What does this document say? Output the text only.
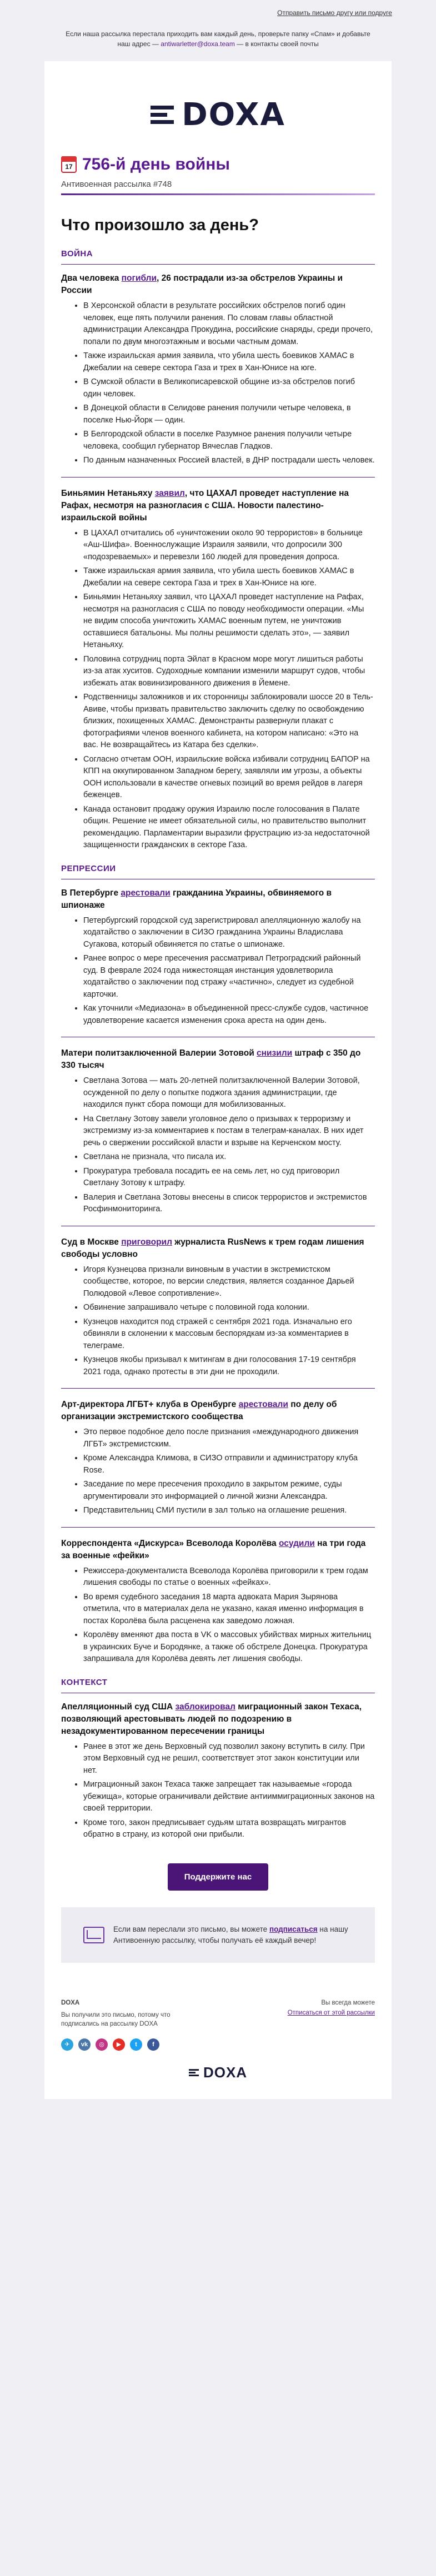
Отправить письмо другу или подруге
Если наша рассылка перестала приходить вам каждый день, проверьте папку «Спам» и добавьте наш адрес — antiwarletter@doxa.team — в контакты своей почты
DOXA
17 756-й день войны
Антивоенная рассылка #748
Что произошло за день?
ВОЙНА
Два человека погибли, 26 пострадали из-за обстрелов Украины и России
• В Херсонской области в результате российских обстрелов погиб один человек, еще пять получили ранения. По словам главы областной администрации Александра Прокудина, российские снаряды, среди прочего, попали по двум многоэтажным и восьми частным домам.
• Также израильская армия заявила, что убила шесть боевиков ХАМАС в Джебалии на севере сектора Газа и трех в Хан-Юнисе на юге.
• В Сумской области в Великописаревской общине из-за обстрелов погиб один человек.
• В Донецкой области в Селидове ранения получили четыре человека, в поселке Нью-Йорк — один.
• В Белгородской области в поселке Разумное ранения получили четыре человека, сообщил губернатор Вячеслав Гладков.
• По данным назначенных Россией властей, в ДНР пострадали шесть человек.
Биньямин Нетаньяху заявил, что ЦАХАЛ проведет наступление на Рафах, несмотря на разногласия с США. Новости палестино-израильской войны
• В ЦАХАЛ отчитались об «уничтожении около 90 террористов» в больнице «Аш-Шифа». Военнослужащие Израиля заявили, что допросили 300 «подозреваемых» и перевезли 160 людей для проведения допроса.
• Также израильская армия заявила, что убила шесть боевиков ХАМАС в Джебалии на севере сектора Газа и трех в Хан-Юнисе на юге.
• Биньямин Нетаньяху заявил, что ЦАХАЛ проведет наступление на Рафах, несмотря на разногласия с США по поводу необходимости операции. «Мы не видим способа уничтожить ХАМАС военным путем, не уничтожив оставшиеся батальоны. Мы полны решимости сделать это», — заявил Нетаньяху.
• Половина сотрудниц порта Эйлат в Красном море могут лишиться работы из-за атак хуситов. Судоходные компании изменили маршрут судов, чтобы избежать атак вовинизированного движения в Йемене.
• Родственницы заложников и их сторонницы заблокировали шоссе 20 в Тель-Авиве, чтобы призвать правительство заключить сделку по освобождению близких, похищенных ХАМАС. Демонстранты развернули плакат с фотографиями членов военного кабинета, на котором написано: «Это на вас. Не возвращайтесь из Катара без сделки».
• Согласно отчетам ООН, израильские войска избивали сотрудниц БАПОР на КПП на оккупированном Западном берегу, заявляли им угрозы, а объекты ООН использовали в качестве огневых позиций во время рейдов в лагеря беженцев.
• Канада остановит продажу оружия Израилю после голосования в Палате общин. Решение не имеет обязательной силы, но правительство выполнит рекомендацию. Парламентарии выразили фрустрацию из-за недостаточной защищенности гражданских в секторе Газа.
РЕПРЕССИИ
В Петербурге арестовали гражданина Украины, обвиняемого в шпионаже
• Петербургский городской суд зарегистрировал апелляционную жалобу на ходатайство о заключении в СИЗО гражданина Украины Владислава Сугакова, который обвиняется по статье о шпионаже.
• Ранее вопрос о мере пресечения рассматривал Петроградский районный суд. В феврале 2024 года нижестоящая инстанция удовлетворила ходатайство о заключении под стражу «частично», следует из судебной карточки.
• Как уточнили «Медиазона» в объединенной пресс-службе судов, частичное удовлетворение касается изменения срока ареста на один день.
Матери политзаключенной Валерии Зотовой снизили штраф с 350 до 330 тысяч
• Светлана Зотова — мать 20-летней политзаключенной Валерии Зотовой, осужденной по делу о попытке поджога здания администрации, где находился пункт сбора помощи для мобилизованных.
• На Светлану Зотову завели уголовное дело о призывах к терроризму и экстремизму из-за комментариев к постам в телеграм-каналах. В них идет речь о свержении российской власти и взрыве на Керченском мосту.
• Светлана не признала, что писала их.
• Прокуратура требовала посадить ее на семь лет, но суд приговорил Светлану Зотову к штрафу.
• Валерия и Светлана Зотовы внесены в список террористов и экстремистов Росфинмониторинга.
Суд в Москве приговорил журналиста RusNews к трем годам лишения свободы условно
• Игоря Кузнецова признали виновным в участии в экстремистском сообществе, которое, по версии следствия, является созданное Дарьей Полюдовой «Левое сопротивление».
• Обвинение запрашивало четыре с половиной года колонии.
• Кузнецов находится под стражей с сентября 2021 года. Изначально его обвиняли в склонении к массовым беспорядкам из-за комментариев в телеграме.
• Кузнецов якобы призывал к митингам в дни голосования 17-19 сентября 2021 года, однако протесты в эти дни не проходили.
Арт-директора ЛГБТ+ клуба в Оренбурге арестовали по делу об организации экстремистского сообщества
• Это первое подобное дело после признания «международного движения ЛГБТ» экстремистским.
• Кроме Александра Климова, в СИЗО отправили и администратору клуба Rose.
• Заседание по мере пресечения проходило в закрытом режиме, суды аргументировали это информацией о личной жизни Александра.
• Представительниц СМИ пустили в зал только на оглашение решения.
Корреспондента «Дискурса» Всеволода Королёва осудили на три года за военные «фейки»
• Режиссера-документалиста Всеволода Королёва приговорили к трем годам лишения свободы по статье о военных «фейках».
• Во время судебного заседания 18 марта адвоката Мария Зырянова отметила, что в материалах дела не указано, какая именно информация в постах Королёва была расценена как заведомо ложная.
• Королёву вменяют два поста в VK о массовых убийствах мирных жительниц в украинских Буче и Бородянке, а также об обстреле Донецка. Прокуратура запрашивала для Королёва девять лет лишения свободы.
КОНТЕКСТ
Апелляционный суд США заблокировал миграционный закон Техаса, позволяющий арестовывать людей по подозрению в незадокументированном пересечении границы
• Ранее в этот же день Верховный суд позволил закону вступить в силу. При этом Верховный суд не решил, соответствует этот закон конституции или нет.
• Миграционный закон Техаса также запрещает так называемые «города убежища», которые ограничивали действие антииммиграционных законов на своей территории.
• Кроме того, закон предписывает судьям штата возвращать мигрантов обратно в страну, из которой они прибыли.
Поддержите нас

Если вам переслали это письмо, вы можете подписаться на нашу Антивоенную рассылку, чтобы получать её каждый вечер!

DOXA
Вы получили это письмо, потому что подписались на рассылку DOXA
Вы всегда можете
Отписаться от этой рассылки
✈	vk	◎	▶	t	f
DOXA
